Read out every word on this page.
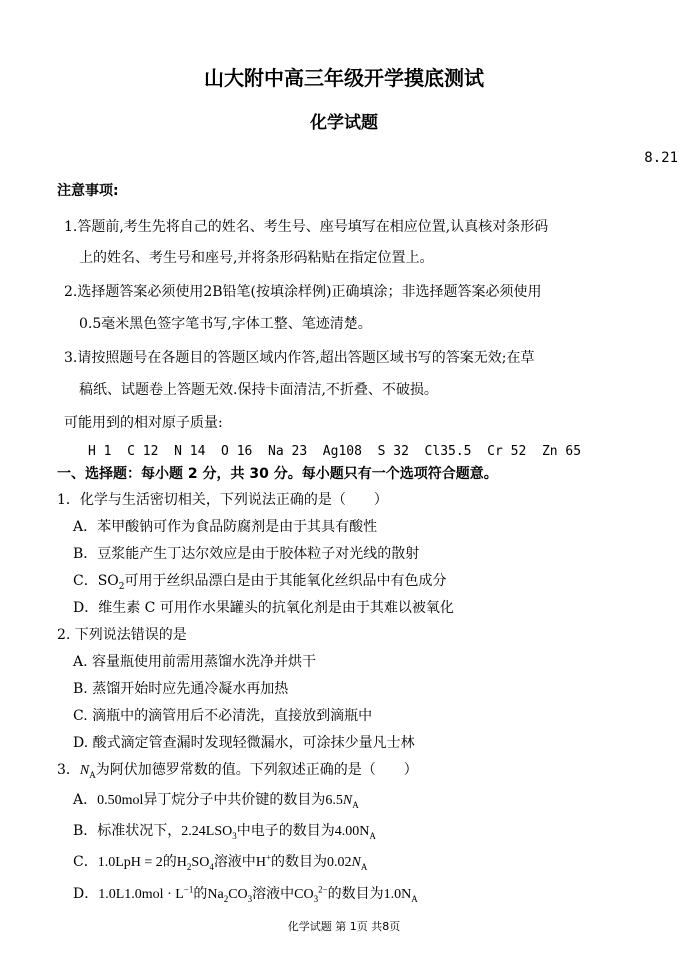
山大附中高三年级开学摸底测试
化学试题
8.21
注意事项:
1.答题前,考生先将自己的姓名、考生号、座号填写在相应位置,认真核对条形码
上的姓名、考生号和座号,并将条形码粘贴在指定位置上。
2.选择题答案必须使用2B铅笔(按填涂样例)正确填涂；非选择题答案必须使用
0.5毫米黑色签字笔书写,字体工整、笔迹清楚。
3.请按照题号在各题目的答题区域内作答,超出答题区域书写的答案无效;在草
稿纸、试题卷上答题无效.保持卡面清洁,不折叠、不破损。
可能用到的相对原子质量:
H 1  C 12  N 14  O 16  Na 23  Ag108  S 32  Cl35.5  Cr 52  Zn 65
一、选择题：每小题 2 分，共 30 分。每小题只有一个选项符合题意。
1．化学与生活密切相关，下列说法正确的是（　　）
A．苯甲酸钠可作为食品防腐剂是由于其具有酸性
B．豆浆能产生丁达尔效应是由于胶体粒子对光线的散射
C．$SO_2$可用于丝织品漂白是由于其能氧化丝织品中有色成分
D．维生素 C 可用作水果罐头的抗氧化剂是由于其难以被氧化
2. 下列说法错误的是
A. 容量瓶使用前需用蒸馏水洗净并烘干
B. 蒸馏开始时应先通冷凝水再加热
C. 滴瓶中的滴管用后不必清洗，直接放到滴瓶中
D. 酸式滴定管查漏时发现轻微漏水，可涂抹少量凡士林
3．$N_A$为阿伏加德罗常数的值。下列叙述正确的是（　　）
A．0.50mol异丁烷分子中共价键的数目为$6.5N_A$
B．标准状况下，$2.24LSO_3$中电子的数目为$4.00N_A$
C．1.0LpH = 2的$H_2SO_4$溶液中H+的数目为$0.02N_A$
D．$1.0L1.0mol \cdot L^{-1}$的$Na_2CO_3$溶液中$CO_3^{2-}$的数目为$1.0N_A$
化学试题 第 1页 共8页
